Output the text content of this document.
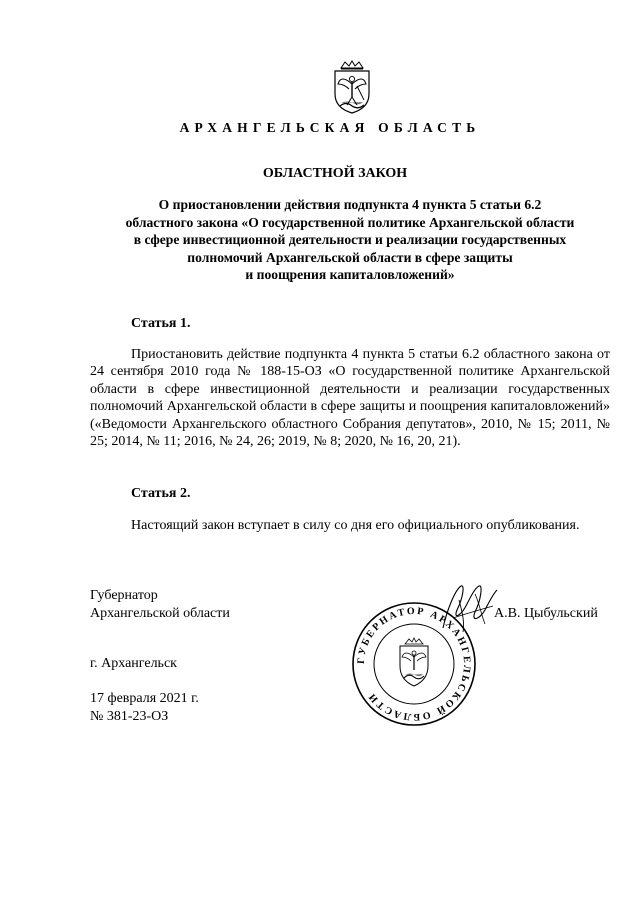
АРХАНГЕЛЬСКАЯ ОБЛАСТЬ
ОБЛАСТНОЙ ЗАКОН
О приостановлении действия подпункта 4 пункта 5 статьи 6.2
областного закона «О государственной политике Архангельской области
в сфере инвестиционной деятельности и реализации государственных
полномочий Архангельской области в сфере защиты
и поощрения капиталовложений»
Статья 1.
Приостановить действие подпункта 4 пункта 5 статьи 6.2 областного закона от 24 сентября 2010 года № 188-15-ОЗ «О государственной политике Архангельской области в сфере инвестиционной деятельности и реализации государственных полномочий Архангельской области в сфере защиты и поощрения капиталовложений» («Ведомости Архангельского областного Собрания депутатов», 2010, № 15; 2011, № 25; 2014, № 11; 2016, № 24, 26; 2019, № 8; 2020, № 16, 20, 21).
Статья 2.
Настоящий закон вступает в силу со дня его официального опубликования.
Губернатор
Архангельской области
ГУБЕРНАТОР АРХАНГЕЛЬСКОЙ ОБЛАСТИ
А.В. Цыбульский
г. Архангельск
17 февраля 2021 г.
№ 381-23-ОЗ
